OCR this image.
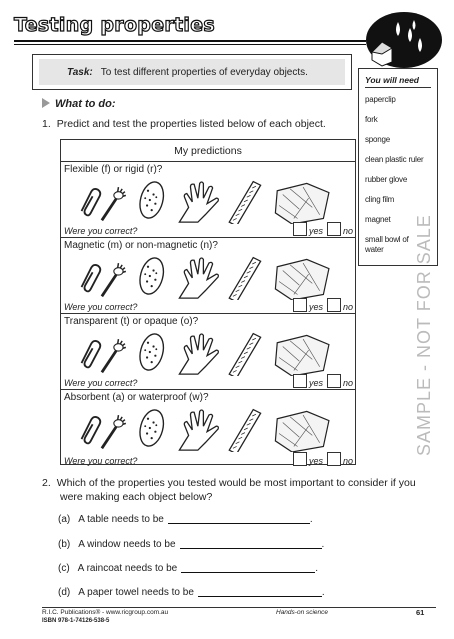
Testing properties
Task: To test different properties of everyday objects.
You will need
paperclip
fork
sponge
clean plastic ruler
rubber glove
cling film
magnet
small bowl of water	SAMPLE - NOT FOR SALE
What to do:
1. Predict and test the properties listed below of each object.
My predictions
Flexible (f) or rigid (r)?
Were you correct?	yes no
Magnetic (m) or non-magnetic (n)?
Were you correct?	yes no
Transparent (t) or opaque (o)?
Were you correct?	yes no
Absorbent (a) or waterproof (w)?
Were you correct?	yes no
2. Which of the properties you tested would be most important to consider if you
were making each object below?
(a) A table needs to be	.
(b) A window needs to be	.
(c) A raincoat needs to be	.
(d) A paper towel needs to be	.
R.I.C. Publications® - www.ricgroup.com.au
ISBN 978-1-74126-538-5
Hands-on science	61
